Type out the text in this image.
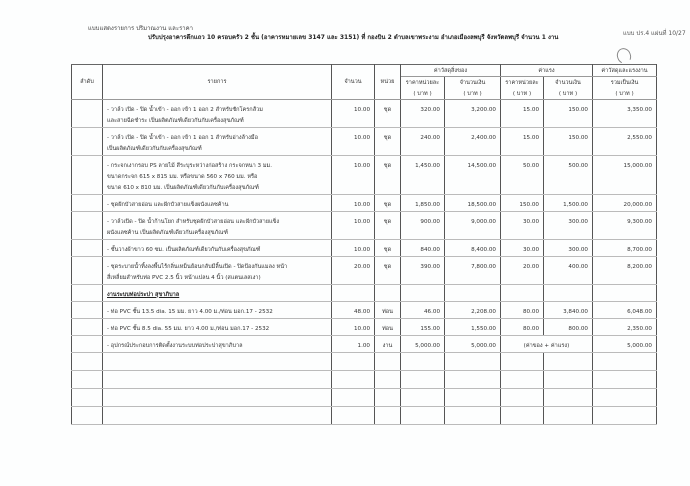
แบบแสดงรายการ ปริมาณงาน และราคา
ปรับปรุงอาคารตึกแถว 10 ครอบครัว 2 ชั้น (อาคารหมายเลข 3147 และ 3151) ที่ กองบิน 2 ตำบลเขาพระงาม อำเภอเมืองลพบุรี จังหวัดลพบุรี จำนวน 1 งาน
แบบ ปร.4 แผ่นที่ 10/27
ลำดับ	รายการ	จำนวน	หน่วย	ค่าวัสดุสิ่งของ		ค่าแรง		ค่าวัสดุและแรงงาน
				ราคาหน่วยละ	จำนวนเงิน	ราคาหน่วยละ	จำนวนเงิน	รวมเป็นเงิน
				( บาท )	( บาท )	( บาท )	( บาท )	( บาท )

	- วาล์ว เปิด - ปิด น้ำเข้า - ออก เข้า 1 ออก 2 สำหรับชักโครกส้วม
และสายฉีดชำระ เป็นผลิตภัณฑ์เดียวกันกับเครื่องสุขภัณฑ์	10.00	ชุด	320.00	3,200.00	15.00	150.00	3,350.00

	- วาล์ว เปิด - ปิด น้ำเข้า - ออก เข้า 1 ออก 1 สำหรับอ่างล้างมือ
เป็นผลิตภัณฑ์เดียวกันกับเครื่องสุขภัณฑ์	10.00	ชุด	240.00	2,400.00	15.00	150.00	2,550.00

	- กระจกเงากรอบ PS ลายไม้ สีระบุระหว่างก่อสร้าง กระจกหนา 3 มม.
ขนาดกระจก 615 x 815 มม. หรือขนาด 560 x 760 มม. หรือ
ขนาด 610 x 810 มม. เป็นผลิตภัณฑ์เดียวกันกับเครื่องสุขภัณฑ์	10.00	ชุด	1,450.00	14,500.00	50.00	500.00	15,000.00

	- ชุดฝักบัวสายอ่อน และฝักบัวสายแข็งผนังแลซค้าน	10.00	ชุด	1,850.00	18,500.00	150.00	1,500.00	20,000.00

	- วาล์วเปิด - ปิด น้ำก้านโยก สำหรับชุดฝักบัวสายอ่อน และฝักบัวสายแข็ง
ผนังแลซค้าน เป็นผลิตภัณฑ์เดียวกันเครื่องสุขภัณฑ์	10.00	ชุด	900.00	9,000.00	30.00	300.00	9,300.00

	- ชั้นวางผ้าขาว 60 ซม. เป็นผลิตภัณฑ์เดียวกันกับเครื่องสุขภัณฑ์	10.00	ชุด	840.00	8,400.00	30.00	300.00	8,700.00

	- ชุดระบายน้ำทิ้งลงพื้นไร้กลิ่นเหม็นย้อนกลับมีลิ้นเปิด - ปิดป้องกันแมลง หน้า
สี่เหลี่ยมสำหรับท่อ PVC 2.5 นิ้ว หน้าแปลน 4 นิ้ว (สแตนเลสเงา)	20.00	ชุด	390.00	7,800.00	20.00	400.00	8,200.00
	งานระบบท่อประปา สุขาภิบาล							

	- ท่อ PVC ชั้น 13.5 dia. 15 มม. ยาว 4.00 ม./ท่อน มอก.17 - 2532	48.00	ท่อน	46.00	2,208.00	80.00	3,840.00	6,048.00

	- ท่อ PVC ชั้น 8.5 dia. 55 มม. ยาว 4.00 ม./ท่อน มอก.17 - 2532	10.00	ท่อน	155.00	1,550.00	80.00	800.00	2,350.00

	- อุปกรณ์ประกอบการติดตั้งงานระบบท่อประปาสุขาภิบาล	1.00	งาน	5,000.00	5,000.00	(ค่าของ + ค่าแรง)		5,000.00
